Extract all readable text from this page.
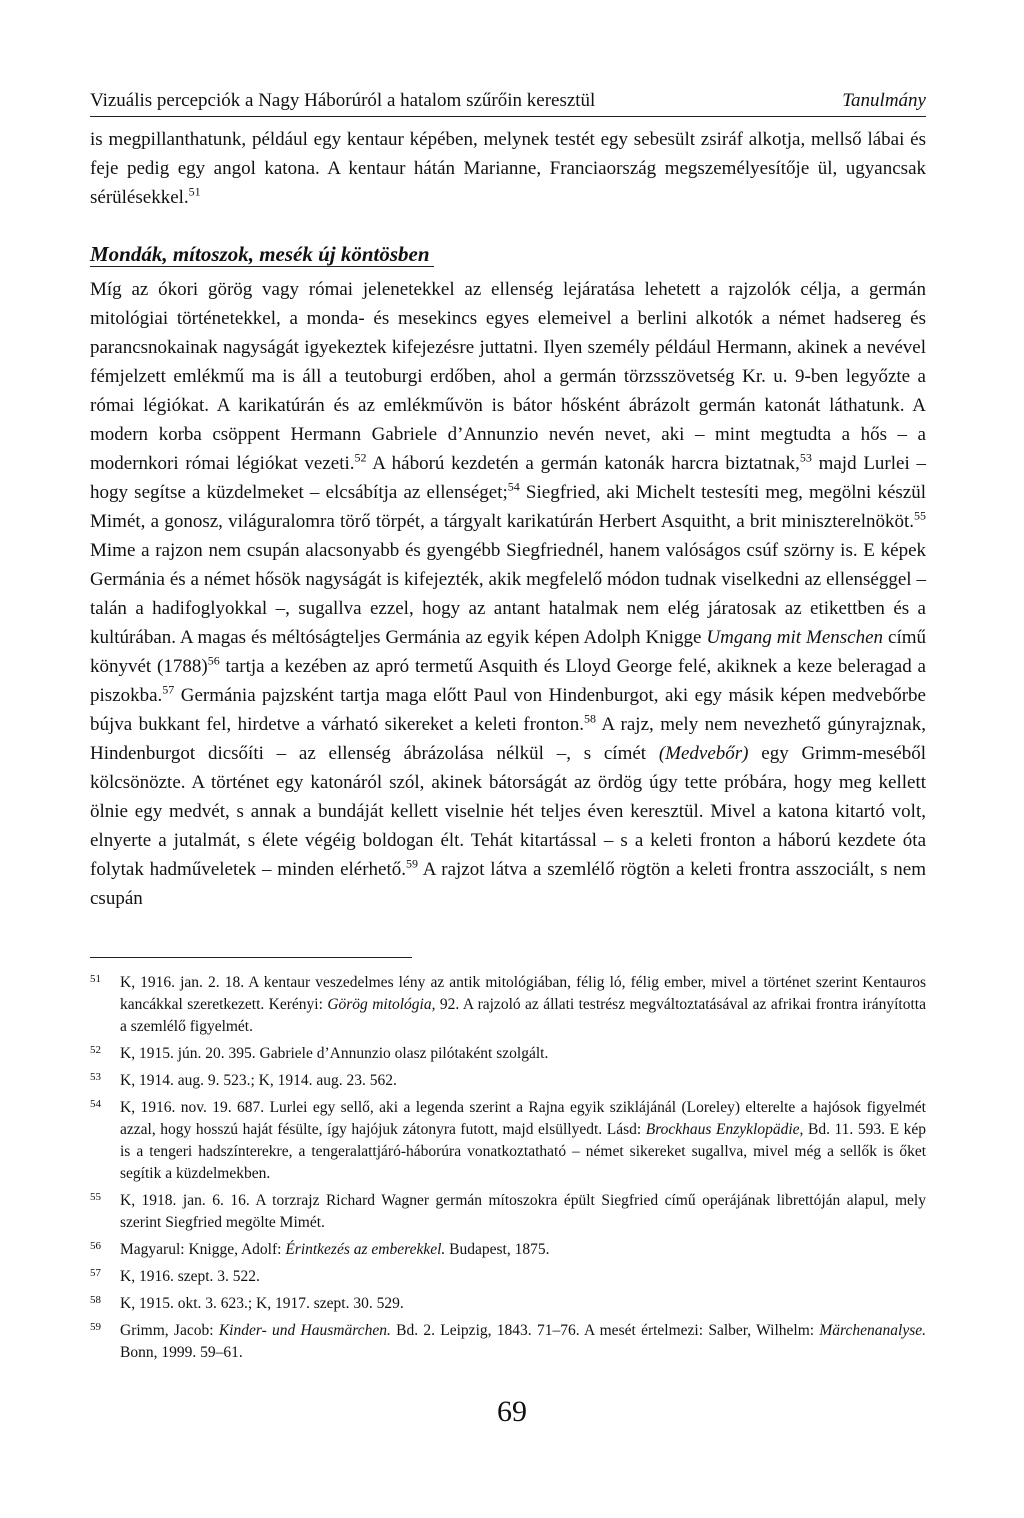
Vizuális percepciók a Nagy Háborúról a hatalom szűrőin keresztül	Tanulmány

is megpillanthatunk, például egy kentaur képében, melynek testét egy sebesült zsiráf alkotja, mellső lábai és feje pedig egy angol katona. A kentaur hátán Marianne, Franciaország megszemélyesítője ül, ugyancsak sérülésekkel.$^{51}$

Mondák, mítoszok, mesék új köntösben

Míg az ókori görög vagy római jelenetekkel az ellenség lejáratása lehetett a rajzolók célja, a germán mitológiai történetekkel, a monda- és mesekincs egyes elemeivel a berlini alkotók a német hadsereg és parancsnokainak nagyságát igyekeztek kifejezésre juttatni. Ilyen személy például Hermann, akinek a nevével fémjelzett emlékmű ma is áll a teutoburgi erdőben, ahol a germán törzsszövetség Kr. u. 9-ben legyőzte a római légiókat. A karikatúrán és az emlékművön is bátor hősként ábrázolt germán katonát láthatunk. A modern korba csöppent Hermann Gabriele d’Annunzio nevén nevet, aki – mint megtudta a hős – a modernkori római légiókat vezeti.$^{52}$ A háború kezdetén a germán katonák harcra biztatnak,$^{53}$ majd Lurlei – hogy segítse a küzdelmeket – elcsábítja az ellenséget;$^{54}$ Siegfried, aki Michelt testesíti meg, megölni készül Mimét, a gonosz, világuralomra törő törpét, a tárgyalt karikatúrán Herbert Asquitht, a brit miniszterelnököt.$^{55}$ Mime a rajzon nem csupán alacsonyabb és gyengébb Siegfriednél, hanem valóságos csúf szörny is. E képek Germánia és a német hősök nagyságát is kifejezték, akik megfelelő módon tudnak viselkedni az ellenséggel – talán a hadifoglyokkal –, sugallva ezzel, hogy az antant hatalmak nem elég járatosak az etikettben és a kultúrában. A magas és méltóságteljes Germánia az egyik képen Adolph Knigge Umgang mit Menschen című könyvét $(1788)^{56}$ tartja a kezében az apró termetű Asquith és Lloyd George felé, akiknek a keze beleragad a piszokba.$^{57}$ Germánia pajzsként tartja maga előtt Paul von Hindenburgot, aki egy másik képen medvebőrbe bújva bukkant fel, hirdetve a várható sikereket a keleti fronton.$^{58}$ A rajz, mely nem nevezhető gúnyrajznak, Hindenburgot dicsőíti – az ellenség ábrázolása nélkül –, s címét (Medvebőr) egy Grimm-meséből kölcsönözte. A történet egy katonáról szól, akinek bátorságát az ördög úgy tette próbára, hogy meg kellett ölnie egy medvét, s annak a bundáját kellett viselnie hét teljes éven keresztül. Mivel a katona kitartó volt, elnyerte a jutalmát, s élete végéig boldogan élt. Tehát kitartással – s a keleti fronton a háború kezdete óta folytak hadműveletek – minden elérhető.$^{59}$ A rajzot látva a szemlélő rögtön a keleti frontra asszociált, s nem csupán

51	K, 1916. jan. 2. 18. A kentaur veszedelmes lény az antik mitológiában, félig ló, félig ember, mivel a történet szerint Kentauros kancákkal szeretkezett. Kerényi: Görög mitológia, 92. A rajzoló az állati testrész megváltoztatásával az afrikai frontra irányította a szemlélő figyelmét.
52	K, 1915. jún. 20. 395. Gabriele d’Annunzio olasz pilótaként szolgált.
53	K, 1914. aug. 9. 523.; K, 1914. aug. 23. 562.
54	K, 1916. nov. 19. 687. Lurlei egy sellő, aki a legenda szerint a Rajna egyik sziklájánál (Loreley) elterelte a hajósok figyelmét azzal, hogy hosszú haját fésülte, így hajójuk zátonyra futott, majd elsüllyedt. Lásd: Brockhaus Enzyklopädie, Bd. 11. 593. E kép is a tengeri hadszínterekre, a tengeralattjáró-háborúra vonatkoztatható – német sikereket sugallva, mivel még a sellők is őket segítik a küzdelmekben.
55	K, 1918. jan. 6. 16. A torzrajz Richard Wagner germán mítoszokra épült Siegfried című operájának librettóján alapul, mely szerint Siegfried megölte Mimét.
56	Magyarul: Knigge, Adolf: Érintkezés az emberekkel. Budapest, 1875.
57	K, 1916. szept. 3. 522.
58	K, 1915. okt. 3. 623.; K, 1917. szept. 30. 529.
59	Grimm, Jacob: Kinder- und Hausmärchen. Bd. 2. Leipzig, 1843. 71–76. A mesét értelmezi: Salber, Wilhelm: Märchenanalyse. Bonn, 1999. 59–61.
69
